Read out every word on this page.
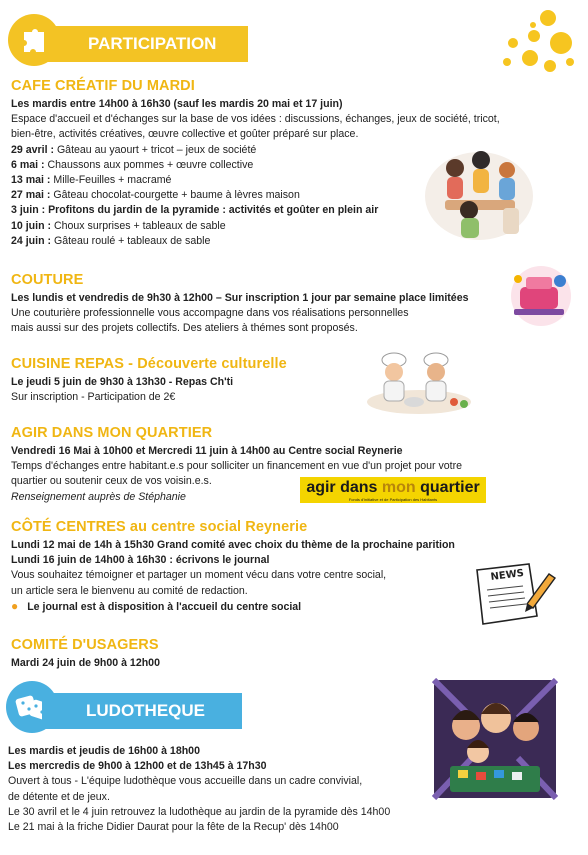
PARTICIPATION
CAFE CRÉATIF DU MARDI

Les mardis entre 14h00 à 16h30 (sauf les mardis 20 mai et 17 juin)

Espace d'accueil et d'échanges sur la base de vos idées : discussions, échanges, jeux de société, tricot,

bien-être, activités créatives, œuvre collective et goûter préparé sur place.

29 avril : Gâteau au yaourt + tricot – jeux de société

6 mai : Chaussons aux pommes + œuvre collective

13 mai : Mille-Feuilles + macramé

27 mai : Gâteau chocolat-courgette + baume à lèvres maison

3 juin : Profitons du jardin de la pyramide : activités et goûter en plein air

10 juin : Choux surprises + tableaux de sable

24 juin : Gâteau roulé + tableaux de sable

COUTURE

Les lundis et vendredis de 9h30 à 12h00 – Sur inscription 1 jour par semaine place limitées

Une couturière professionnelle vous accompagne dans vos réalisations personnelles

mais aussi sur des projets collectifs. Des ateliers à thémes sont proposés.

CUISINE REPAS - Découverte culturelle

Le jeudi 5 juin de 9h30 à 13h30 - Repas Ch'ti

Sur inscription - Participation de 2€

AGIR DANS MON QUARTIER

Vendredi 16 Mai à 10h00 et Mercredi 11 juin à 14h00 au Centre social Reynerie

Temps d'échanges entre habitant.e.s pour solliciter un financement en vue d'un projet pour votre

quartier ou soutenir ceux de vos voisin.e.s.

Renseignement auprès de Stéphanie

agir dans mon quartier
Fonds d'initiative et de Participation des Habitants
CÔTÉ CENTRES au centre social Reynerie

Lundi 12 mai de 14h à 15h30 Grand comité avec choix du thème de la prochaine parition

Lundi 16 juin de 14h00 à 16h30 : écrivons le journal

Vous souhaitez témoigner et partager un moment vécu dans votre centre social,

un article sera le bienvenu au comité de redaction.

● Le journal est à disposition à l'accueil du centre social

NEWS
COMITÉ D'USAGERS

Mardi 24 juin de 9h00 à 12h00

LUDOTHEQUE

Les mardis et jeudis de 16h00 à 18h00

Les mercredis de 9h00 à 12h00 et de 13h45 à 17h30

Ouvert à tous - L'équipe ludothèque vous accueille dans un cadre convivial,

de détente et de jeux.

Le 30 avril et le 4 juin retrouvez la ludothèque au jardin de la pyramide dès 14h00

Le 21 mai à la friche Didier Daurat pour la fête de la Recup' dès 14h00
